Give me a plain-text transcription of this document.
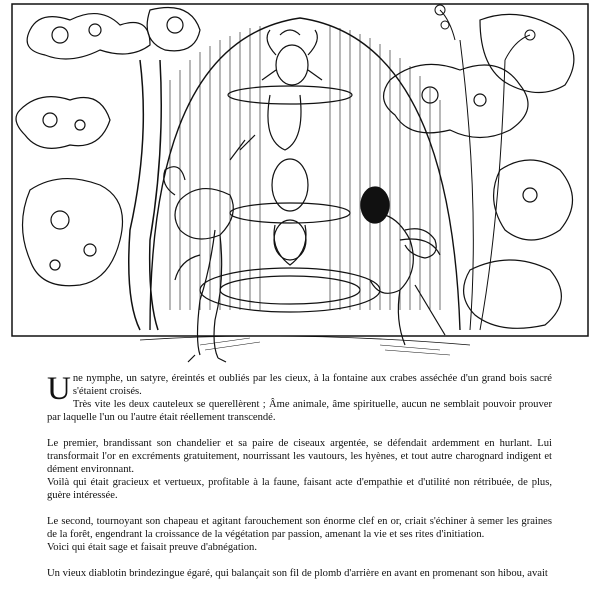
U ne nymphe, un satyre, éreintés et oubliés par les cieux, à la fontaine aux crabes asséchée d'un grand bois sacré s'étaient croisés.
Très vite les deux cauteleux se querellèrent ; Âme animale, âme spirituelle, aucun ne semblait pouvoir prouver par laquelle l'un ou l'autre était réellement transcendé.

Le premier, brandissant son chandelier et sa paire de ciseaux argentée, se défendait ardemment en hurlant. Lui transformait l'or en excréments gratuitement, nourrissant les vautours, les hyènes, et tout autre charognard indigent et dément environnant.
Voilà qui était gracieux et vertueux, profitable à la faune, faisant acte d'empathie et d'utilité non rétribuée, de plus, guère intéressée.

Le second, tournoyant son chapeau et agitant farouchement son énorme clef en or, criait s'échiner à semer les graines de la forêt, engendrant la croissance de la végétation par passion, amenant la vie et ses rites d'initiation.
Voici qui était sage et faisait preuve d'abnégation.

Un vieux diablotin brindezingue égaré, qui balançait son fil de plomb d'arrière en avant en promenant son hibou, avait
